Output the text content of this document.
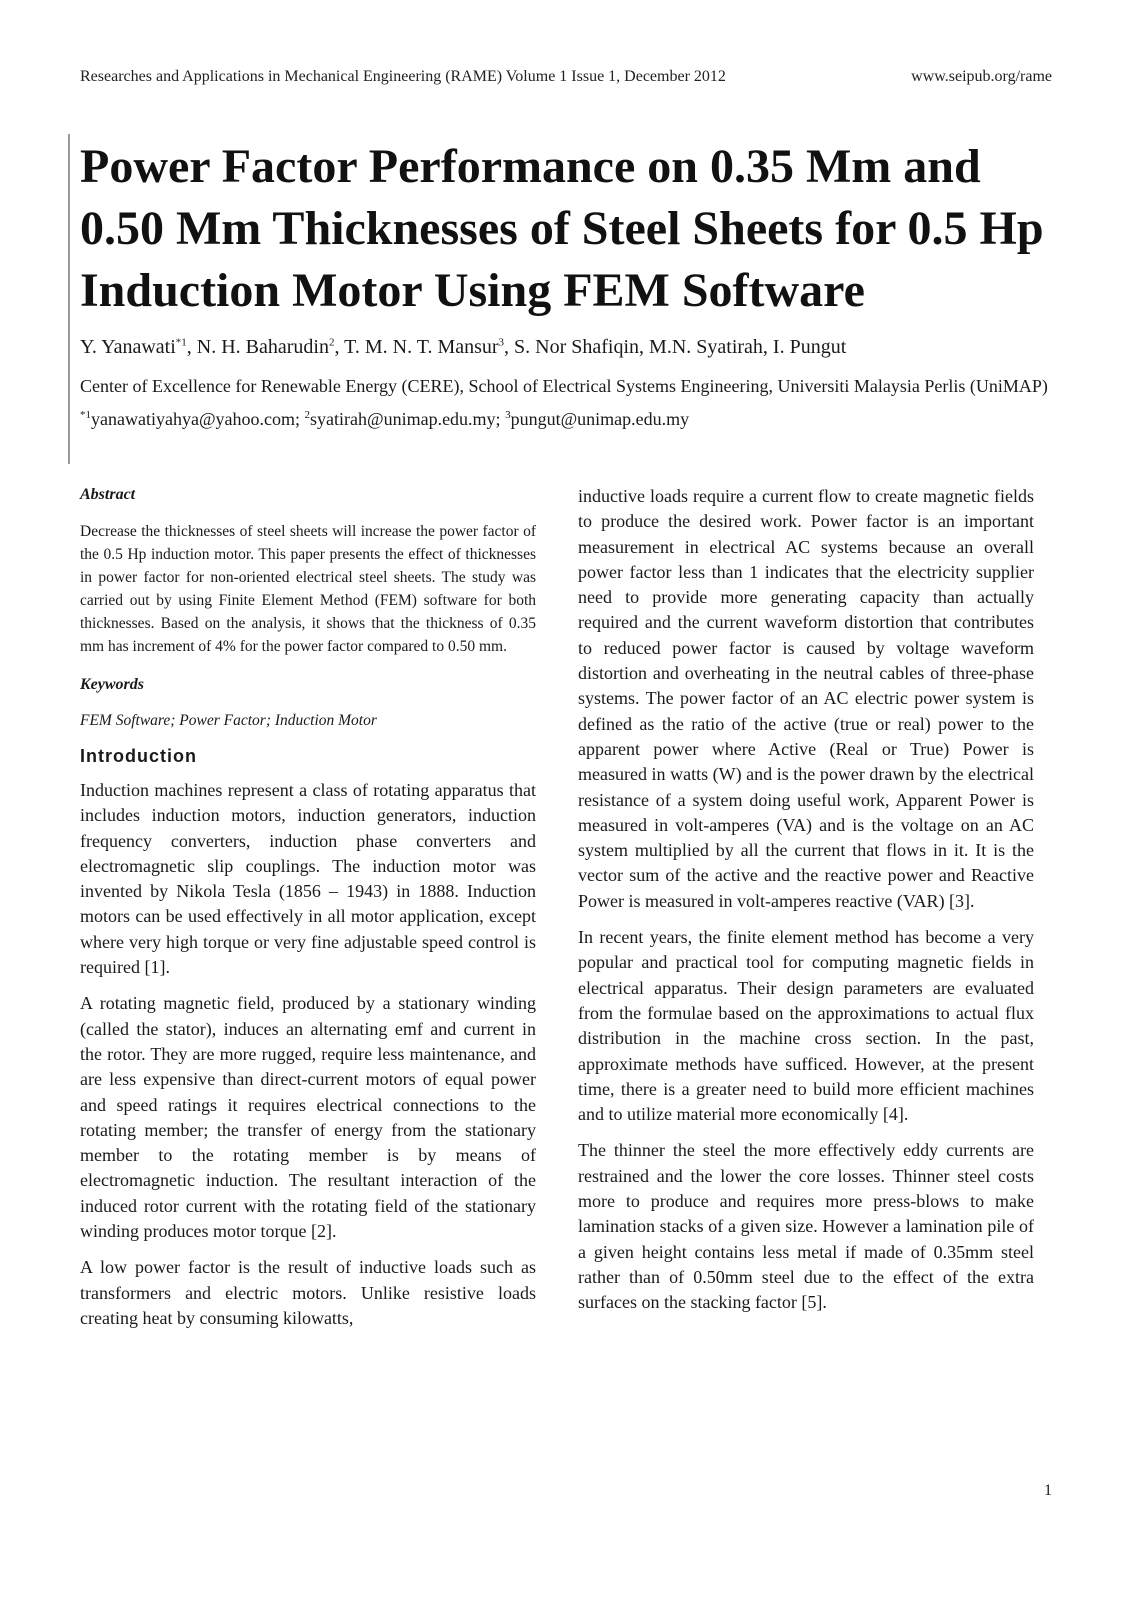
Researches and Applications in Mechanical Engineering (RAME) Volume 1 Issue 1, December 2012	www.seipub.org/rame
Power Factor Performance on 0.35 Mm and 0.50 Mm Thicknesses of Steel Sheets for 0.5 Hp Induction Motor Using FEM Software

Y. Yanawati$^{*1}$, N. H. Baharudin$^2$, T. M. N. T. Mansur$^3$, S. Nor Shafiqin, M.N. Syatirah, I. Pungut

Center of Excellence for Renewable Energy (CERE), School of Electrical Systems Engineering, Universiti Malaysia Perlis (UniMAP)

$^{*1}$yanawatiyahya@yahoo.com; $^2$syatirah@unimap.edu.my; $^3$pungut@unimap.edu.my

Abstract

Decrease the thicknesses of steel sheets will increase the power factor of the 0.5 Hp induction motor. This paper presents the effect of thicknesses in power factor for non-oriented electrical steel sheets. The study was carried out by using Finite Element Method (FEM) software for both thicknesses. Based on the analysis, it shows that the thickness of 0.35 mm has increment of 4% for the power factor compared to 0.50 mm.

Keywords

FEM Software; Power Factor; Induction Motor

Introduction

Induction machines represent a class of rotating apparatus that includes induction motors, induction generators, induction frequency converters, induction phase converters and electromagnetic slip couplings. The induction motor was invented by Nikola Tesla (1856 – 1943) in 1888. Induction motors can be used effectively in all motor application, except where very high torque or very fine adjustable speed control is required [1].

A rotating magnetic field, produced by a stationary winding (called the stator), induces an alternating emf and current in the rotor. They are more rugged, require less maintenance, and are less expensive than direct-current motors of equal power and speed ratings it requires electrical connections to the rotating member; the transfer of energy from the stationary member to the rotating member is by means of electromagnetic induction. The resultant interaction of the induced rotor current with the rotating field of the stationary winding produces motor torque [2].

A low power factor is the result of inductive loads such as transformers and electric motors. Unlike resistive loads creating heat by consuming kilowatts,

inductive loads require a current flow to create magnetic fields to produce the desired work. Power factor is an important measurement in electrical AC systems because an overall power factor less than 1 indicates that the electricity supplier need to provide more generating capacity than actually required and the current waveform distortion that contributes to reduced power factor is caused by voltage waveform distortion and overheating in the neutral cables of three-phase systems. The power factor of an AC electric power system is defined as the ratio of the active (true or real) power to the apparent power where Active (Real or True) Power is measured in watts (W) and is the power drawn by the electrical resistance of a system doing useful work, Apparent Power is measured in volt-amperes (VA) and is the voltage on an AC system multiplied by all the current that flows in it. It is the vector sum of the active and the reactive power and Reactive Power is measured in volt-amperes reactive (VAR) [3].

In recent years, the finite element method has become a very popular and practical tool for computing magnetic fields in electrical apparatus. Their design parameters are evaluated from the formulae based on the approximations to actual flux distribution in the machine cross section. In the past, approximate methods have sufficed. However, at the present time, there is a greater need to build more efficient machines and to utilize material more economically [4].

The thinner the steel the more effectively eddy currents are restrained and the lower the core losses. Thinner steel costs more to produce and requires more press-blows to make lamination stacks of a given size. However a lamination pile of a given height contains less metal if made of 0.35mm steel rather than of 0.50mm steel due to the effect of the extra surfaces on the stacking factor [5].

1
